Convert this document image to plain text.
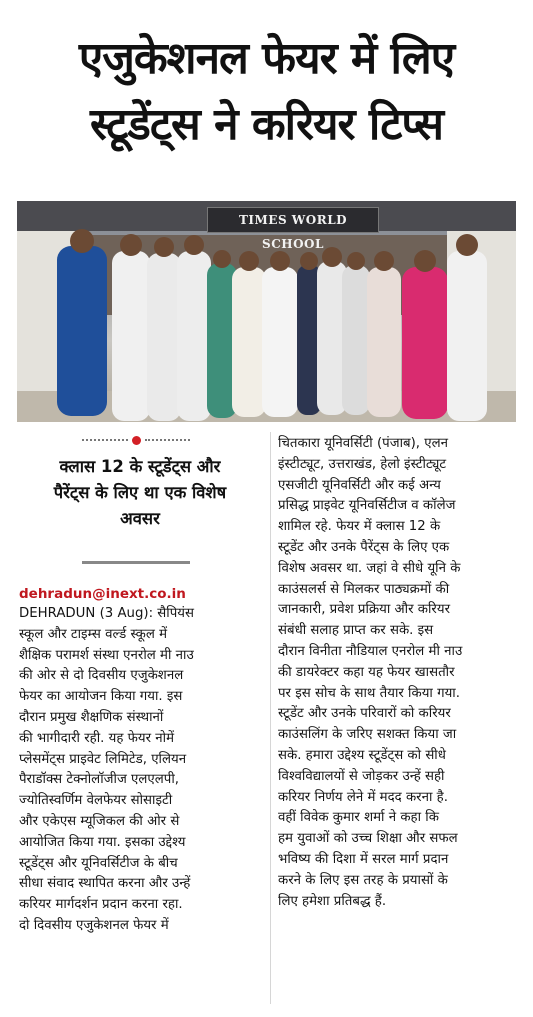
एजुकेशनल फेयर में लिए
स्टूडेंट्स ने करियर टिप्स
TIMES WORLD SCHOOL
क्लास 12 के स्टूडेंट्स और
पैरेंट्स के लिए था एक विशेष
अवसर
dehradun@inext.co.in
DEHRADUN (3 Aug): सैपियंस
स्कूल और टाइम्स वर्ल्ड स्कूल में
शैक्षिक परामर्श संस्था एनरोल मी नाउ
की ओर से दो दिवसीय एजुकेशनल
फेयर का आयोजन किया गया. इस
दौरान प्रमुख शैक्षणिक संस्थानों
की भागीदारी रही. यह फेयर नोमें
प्लेसमेंट्स प्राइवेट लिमिटेड, एलियन
पैराडॉक्स टेक्नोलॉजीज एलएलपी,
ज्योतिस्वर्णिम वेलफेयर सोसाइटी
और एकेएस म्यूजिकल की ओर से
आयोजित किया गया. इसका उद्देश्य
स्टूडेंट्स और यूनिवर्सिटीज के बीच
सीधा संवाद स्थापित करना और उन्हें
करियर मार्गदर्शन प्रदान करना रहा.
दो दिवसीय एजुकेशनल फेयर में
चितकारा यूनिवर्सिटी (पंजाब), एलन
इंस्टीट्यूट, उत्तराखंड, हेलो इंस्टीट्यूट
एसजीटी यूनिवर्सिटी और कई अन्य
प्रसिद्ध प्राइवेट यूनिवर्सिटीज व कॉलेज
शामिल रहे. फेयर में क्लास 12 के
स्टूडेंट और उनके पैरेंट्स के लिए एक
विशेष अवसर था. जहां वे सीधे यूनि के
काउंसलर्स से मिलकर पाठ्यक्रमों की
जानकारी, प्रवेश प्रक्रिया और करियर
संबंधी सलाह प्राप्त कर सके. इस
दौरान विनीता नौडियाल एनरोल मी नाउ
की डायरेक्टर कहा यह फेयर खासतौर
पर इस सोच के साथ तैयार किया गया.
स्टूडेंट और उनके परिवारों को करियर
काउंसलिंग के जरिए सशक्त किया जा
सके. हमारा उद्देश्य स्टूडेंट्स को सीधे
विश्वविद्यालयों से जोड़कर उन्हें सही
करियर निर्णय लेने में मदद करना है.
वहीं विवेक कुमार शर्मा ने कहा कि
हम युवाओं को उच्च शिक्षा और सफल
भविष्य की दिशा में सरल मार्ग प्रदान
करने के लिए इस तरह के प्रयासों के
लिए हमेशा प्रतिबद्ध हैं.
